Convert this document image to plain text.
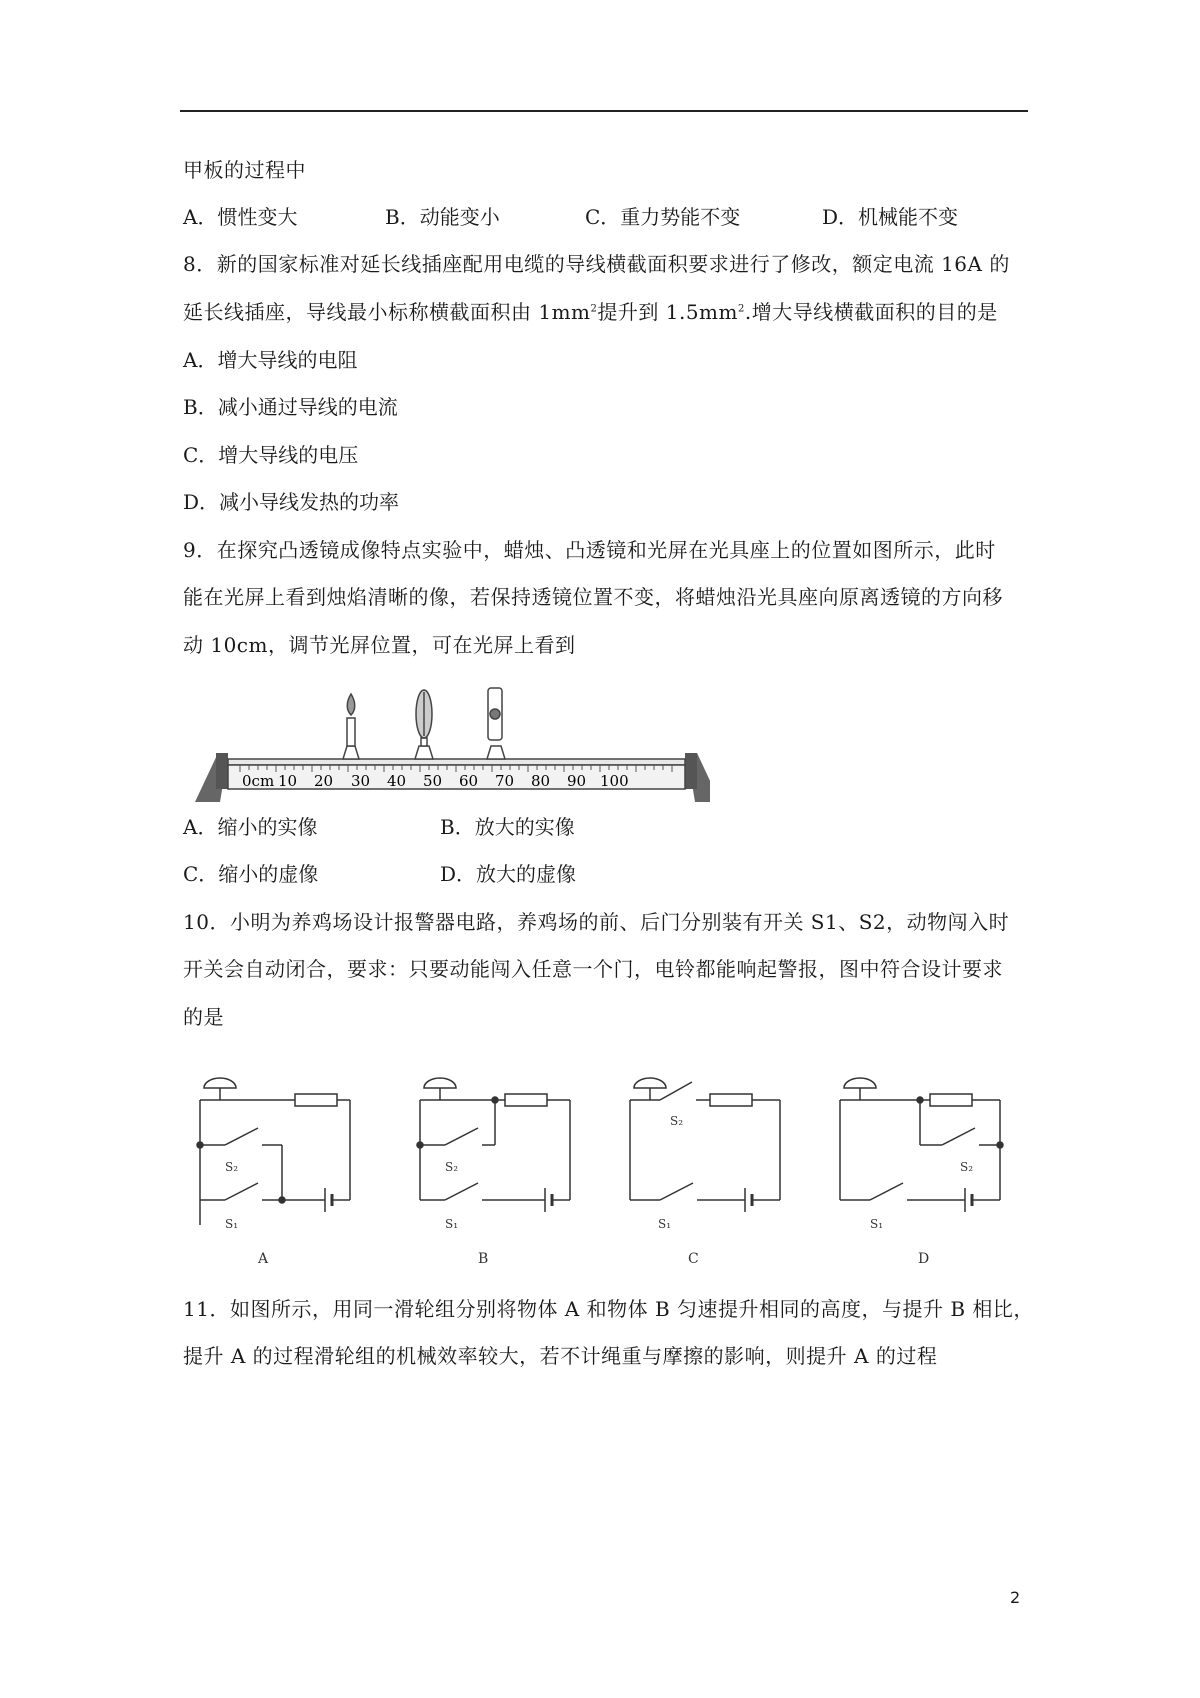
甲板的过程中
A．惯性变大	B．动能变小	C．重力势能不变	D．机械能不变
8．新的国家标准对延长线插座配用电缆的导线横截面积要求进行了修改，额定电流 16A 的
延长线插座，导线最小标称横截面积由 $1mm^2$提升到 $1.5mm^2$.增大导线横截面积的目的是
A．增大导线的电阻
B．减小通过导线的电流
C．增大导线的电压
D．减小导线发热的功率
9．在探究凸透镜成像特点实验中，蜡烛、凸透镜和光屏在光具座上的位置如图所示，此时
能在光屏上看到烛焰清晰的像，若保持透镜位置不变，将蜡烛沿光具座向原离透镜的方向移
动 10cm，调节光屏位置，可在光屏上看到
0cm 10 20 30 40 50 60 70 80 90 100
A．缩小的实像	B．放大的实像
C．缩小的虚像	D．放大的虚像
10．小明为养鸡场设计报警器电路，养鸡场的前、后门分别装有开关 S1、S2，动物闯入时
开关会自动闭合，要求：只要动能闯入任意一个门，电铃都能响起警报，图中符合设计要求
的是
S₂
S₁
A
S₂
S₁
B
S₂
S₁
C
S₂
S₁
D
11．如图所示，用同一滑轮组分别将物体 A 和物体 B 匀速提升相同的高度，与提升 B 相比，
提升 A 的过程滑轮组的机械效率较大，若不计绳重与摩擦的影响，则提升 A 的过程
2
